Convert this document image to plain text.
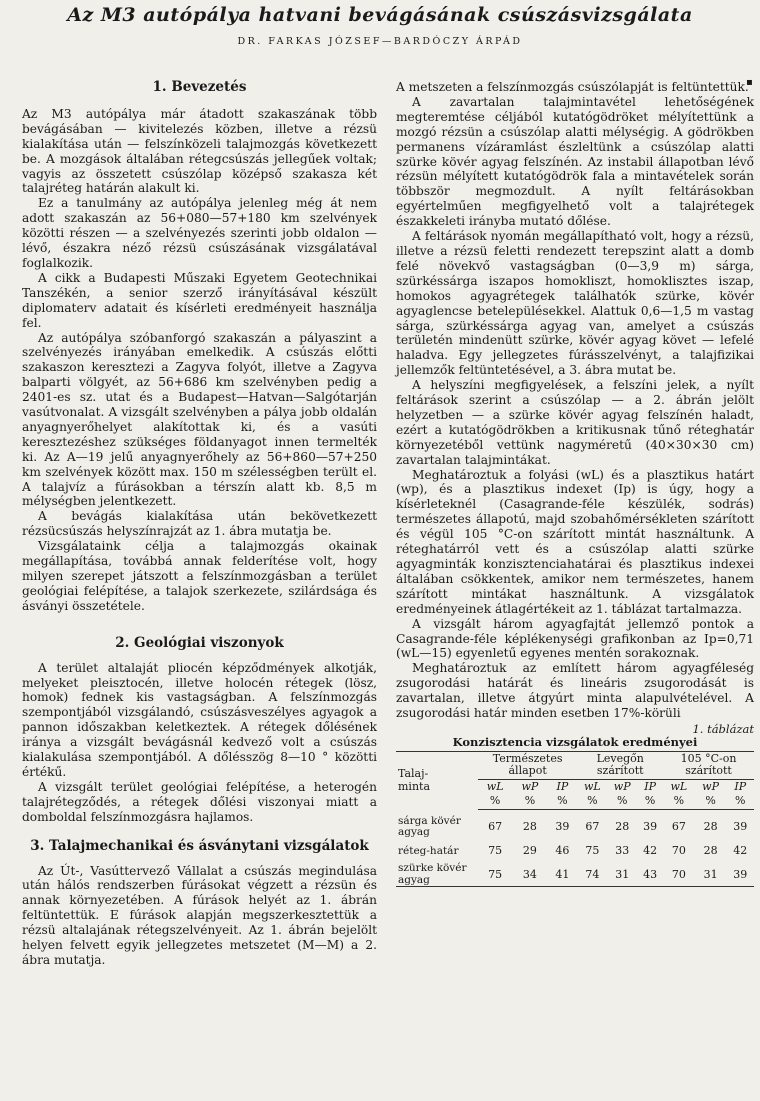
Az M3 autópálya hatvani bevágásának csúszásvizsgálata
DR. FARKAS JÓZSEF—BARDÓCZY ÁRPÁD
▪
1. Bevezetés

Az M3 autópálya már átadott szakaszának több bevágásában — kivitelezés közben, illetve a rézsü kialakítása után — felszínközeli talajmozgás következett be. A mozgások általában rétegcsúszás jellegűek voltak; vagyis az összetett csúszólap középső szakasza két talajréteg határán alakult ki.

Ez a tanulmány az autópálya jelenleg még át nem adott szakaszán az 56+080—57+180 km szelvények közötti részen — a szelvényezés szerinti jobb oldalon — lévő, északra néző rézsü csúszásának vizsgálatával foglalkozik.

A cikk a Budapesti Műszaki Egyetem Geotechnikai Tanszékén, a senior szerző irányításával készült diplomaterv adatait és kísérleti eredményeit használja fel.

Az autópálya szóbanforgó szakaszán a pályaszint a szelvényezés irányában emelkedik. A csúszás előtti szakaszon keresztezi a Zagyva folyót, illetve a Zagyva balparti völgyét, az 56+686 km szelvényben pedig a 2401-es sz. utat és a Budapest—Hatvan—Salgótarján vasútvonalat. A vizsgált szelvényben a pálya jobb oldalán anyagnyerőhelyet alakítottak ki, és a vasúti keresztezéshez szükséges földanyagot innen termelték ki. Az A—19 jelű anyagnyerőhely az 56+860—57+250 km szelvények között max. 150 m szélességben terült el. A talajvíz a fúrásokban a térszín alatt kb. 8,5 m mélységben jelentkezett.

A bevágás kialakítása után bekövetkezett rézsücsúszás helyszínrajzát az 1. ábra mutatja be.

Vizsgálataink célja a talajmozgás okainak megállapítása, továbbá annak felderítése volt, hogy milyen szerepet játszott a felszínmozgásban a terület geológiai felépítése, a talajok szerkezete, szilárdsága és ásványi összetétele.

2. Geológiai viszonyok

A terület altalaját pliocén képződmények alkotják, melyeket pleisztocén, illetve holocén rétegek (lösz, homok) fednek kis vastagságban. A felszínmozgás szempontjából vizsgálandó, csúszásveszélyes agyagok a pannon időszakban keletkeztek. A rétegek dőlésének iránya a vizsgált bevágásnál kedvező volt a csúszás kialakulása szempontjából. A dőlésszög 8—10 ° közötti értékű.

A vizsgált terület geológiai felépítése, a heterogén talajrétegződés, a rétegek dőlési viszonyai miatt a domboldal felszínmozgásra hajlamos.

3. Talajmechanikai és ásványtani vizsgálatok

Az Út-, Vasúttervező Vállalat a csúszás megindulása után hálós rendszerben fúrásokat végzett a rézsün és annak környezetében. A fúrások helyét az 1. ábrán feltüntettük. E fúrások alapján megszerkesztettük a rézsü altalajának rétegszelvényeit. Az 1. ábrán bejelölt helyen felvett egyik jellegzetes metszetet (M—M) a 2. ábra mutatja.

A metszeten a felszínmozgás csúszólapját is feltüntettük.

A zavartalan talajmintavétel lehetőségének megteremtése céljából kutatógödröket mélyítettünk a mozgó rézsün a csúszólap alatti mélységig. A gödrökben permanens vízáramlást észleltünk a csúszólap alatti szürke kövér agyag felszínén. Az instabil állapotban lévő rézsün mélyített kutatógödrök fala a mintavételek során többször megmozdult. A nyílt feltárásokban egyértelműen megfigyelhető volt a talajrétegek északkeleti irányba mutató dőlése.

A feltárások nyomán megállapítható volt, hogy a rézsü, illetve a rézsü feletti rendezett terepszint alatt a domb felé növekvő vastagságban (0—3,9 m) sárga, szürkéssárga iszapos homokliszt, homoklisztes iszap, homokos agyagrétegek találhatók szürke, kövér agyaglencse betelepülésekkel. Alattuk 0,6—1,5 m vastag sárga, szürkéssárga agyag van, amelyet a csúszás területén mindenütt szürke, kövér agyag követ — lefelé haladva. Egy jellegzetes fúrásszelvényt, a talajfizikai jellemzők feltüntetésével, a 3. ábra mutat be.

A helyszíni megfigyelések, a felszíni jelek, a nyílt feltárások szerint a csúszólap — a 2. ábrán jelölt helyzetben — a szürke kövér agyag felszínén haladt, ezért a kutatógödrökben a kritikusnak tűnő réteghatár környezetéből vettünk nagyméretű (40×30×30 cm) zavartalan talajmintákat.

Meghatároztuk a folyási (wL) és a plasztikus határt (wp), és a plasztikus indexet (Ip) is úgy, hogy a kísérleteknél (Casagrande-féle készülék, sodrás) természetes állapotú, majd szobahőmérsékleten szárított és végül 105 °C-on szárított mintát használtunk. A réteghatárról vett és a csúszólap alatti szürke agyagminták konzisztenciahatárai és plasztikus indexei általában csökkentek, amikor nem természetes, hanem szárított mintákat használtunk. A vizsgálatok eredményeinek átlagértékeit az 1. táblázat tartalmazza.

A vizsgált három agyagfajtát jellemző pontok a Casagrande-féle képlékenységi grafikonban az Ip=0,71 (wL—15) egyenletű egyenes mentén sorakoznak.

Meghatároztuk az említett három agyagféleség zsugorodási határát és lineáris zsugorodását is zavartalan, illetve átgyúrt minta alapulvételével. A zsugorodási határ minden esetben 17%-körüli

1. táblázat
Konzisztencia vizsgálatok eredményei
Talaj-
minta	Természetes állapot			Levegőn szárított			105 °C-on szárított		
	wL	wP	IP	wL	wP	IP	wL	wP	IP
	%	%	%	%	%	%	%	%	%

sárga kövér agyag	67	28	39	67	28	39	67	28	39

réteg-határ	75	29	46	75	33	42	70	28	42

szürke kövér agyag	75	34	41	74	31	43	70	31	39
